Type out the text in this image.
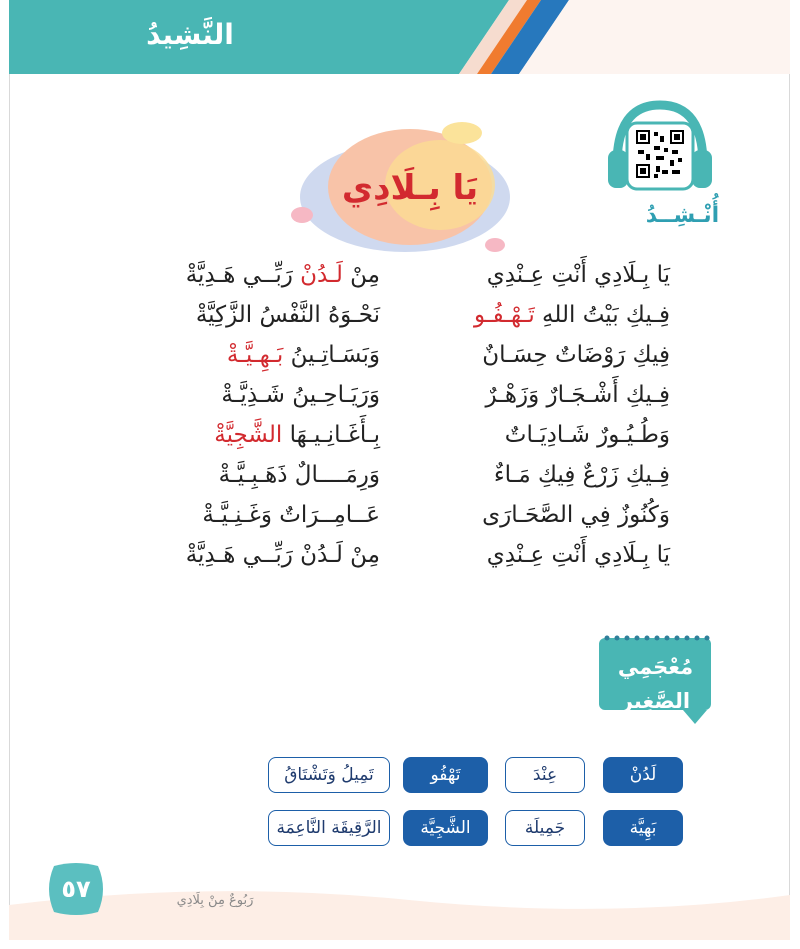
النَّشِيدُ
أُنْـشِــدُ
يَا بِـلَادِي
يَا بِـلَادِي أَنْتِ عِـنْدِي
مِنْ لَـدُنْ رَبِّــي هَـدِيَّةْ
فِـيكِ بَيْتُ اللهِ تَـهْـفُـو
نَحْـوَهُ النَّفْسُ الزَّكِيَّةْ
فِيكِ رَوْضَاتٌ حِسَـانٌ
وَبَسَـاتِـينُ بَـهِـيَّـةْ
فِـيكِ أَشْـجَـارٌ وَزَهْـرٌ
وَرَيَـاحِـينُ شَـذِيَّـةْ
وَطُـيُـورٌ شَـادِيَـاتٌ
بِـأَغَـانِـيـهَا الشَّجِيَّةْ
فِـيكِ زَرْعٌ فِيكِ مَـاءٌ
وَرِمَــــالٌ ذَهَـبِـيَّـةْ
وَكُنُوزٌ فِي الصَّحَـارَى
عَــامِــرَاتٌ وَغَـنِـيَّـةْ
يَا بِـلَادِي أَنْتِ عِـنْدِي
مِنْ لَـدُنْ رَبِّــي هَـدِيَّةْ
مُعْجَمِي
الصَّغِير
لَدُنْ
عِنْدَ
تَهْفُو
تَمِيلُ وَتَشْتَاقُ
بَهِيَّة
جَمِيلَة
الشَّجِيَّة
الرَّقِيقَة النَّاعِمَة
٥٧	رَبُوعٌ مِنْ بِلَادِي
